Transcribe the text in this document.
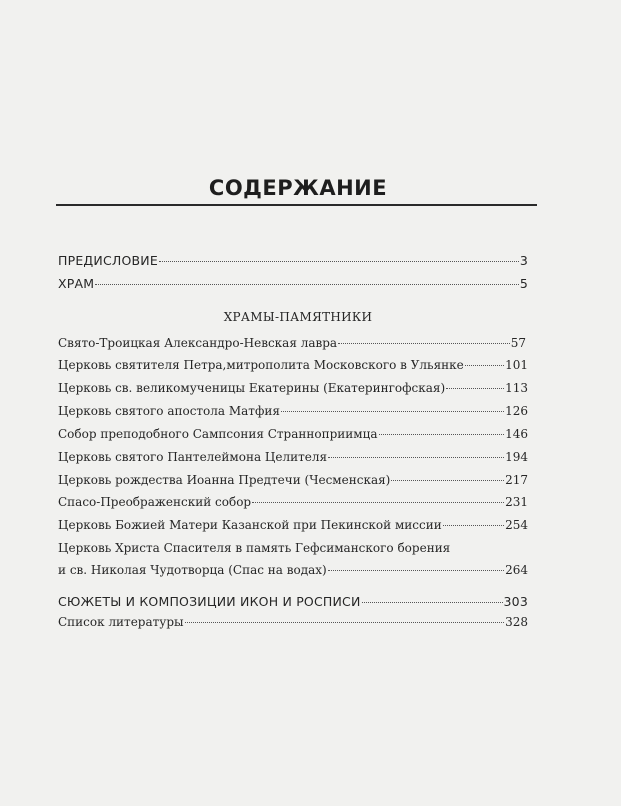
СОДЕРЖАНИЕ
ПРЕДИСЛОВИЕ	3
ХРАМ	5
ХРАМЫ-ПАМЯТНИКИ
Свято-Троицкая Александро-Невская лавра	57
Церковь святителя Петра,митрополита Московского в Ульянке	101
Церковь св. великомученицы Екатерины (Екатерингофская)	113
Церковь святого апостола Матфия	126
Собор преподобного Сампсония Странноприимца	146
Церковь святого Пантелеймона Целителя	194
Церковь рождества Иоанна Предтечи (Чесменская)	217
Спасо-Преображенский собор	231
Церковь Божией Матери Казанской при Пекинской миссии	254
Церковь Христа Спасителя в память Гефсиманского борения
и св. Николая Чудотворца (Спас на водах)	264
СЮЖЕТЫ И КОМПОЗИЦИИ ИКОН И РОСПИСИ	303
Список литературы	328
